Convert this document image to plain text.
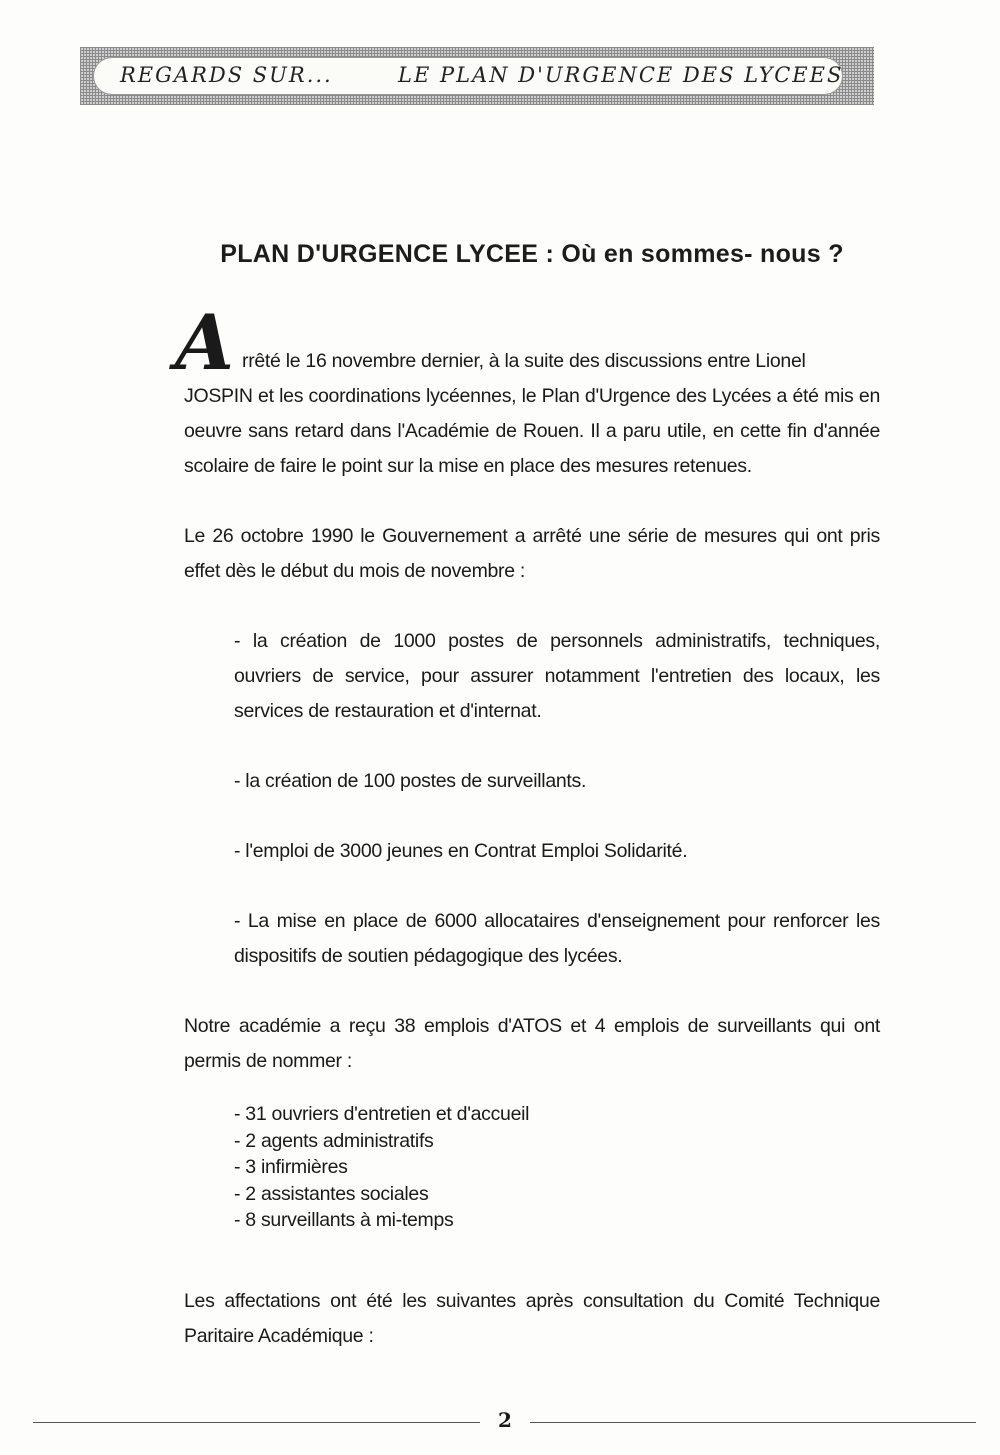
REGARDS SUR...	LE PLAN D'URGENCE DES LYCEES
PLAN D'URGENCE LYCEE : Où en sommes- nous ?
A rrêté le 16 novembre dernier, à la suite des discussions entre Lionel
JOSPIN et les coordinations lycéennes, le Plan d'Urgence des Lycées a été mis en oeuvre sans retard dans l'Académie de Rouen. Il a paru utile, en cette fin d'année scolaire de faire le point sur la mise en place des mesures retenues.
Le 26 octobre 1990 le Gouvernement a arrêté une série de mesures qui ont pris effet dès le début du mois de novembre :
- la création de 1000 postes de personnels administratifs, techniques, ouvriers de service, pour assurer notamment l'entretien des locaux, les services de restauration et d'internat.
- la création de 100 postes de surveillants.
- l'emploi de 3000 jeunes en Contrat Emploi Solidarité.
- La mise en place de 6000 allocataires d'enseignement pour renforcer les dispositifs de soutien pédagogique des lycées.
Notre académie a reçu 38 emplois d'ATOS et 4 emplois de surveillants qui ont permis de nommer :
- 31 ouvriers d'entretien et d'accueil
- 2 agents administratifs
- 3 infirmières
- 2 assistantes sociales
- 8 surveillants à mi-temps
Les affectations ont été les suivantes après consultation du Comité Technique Paritaire Académique :
2
